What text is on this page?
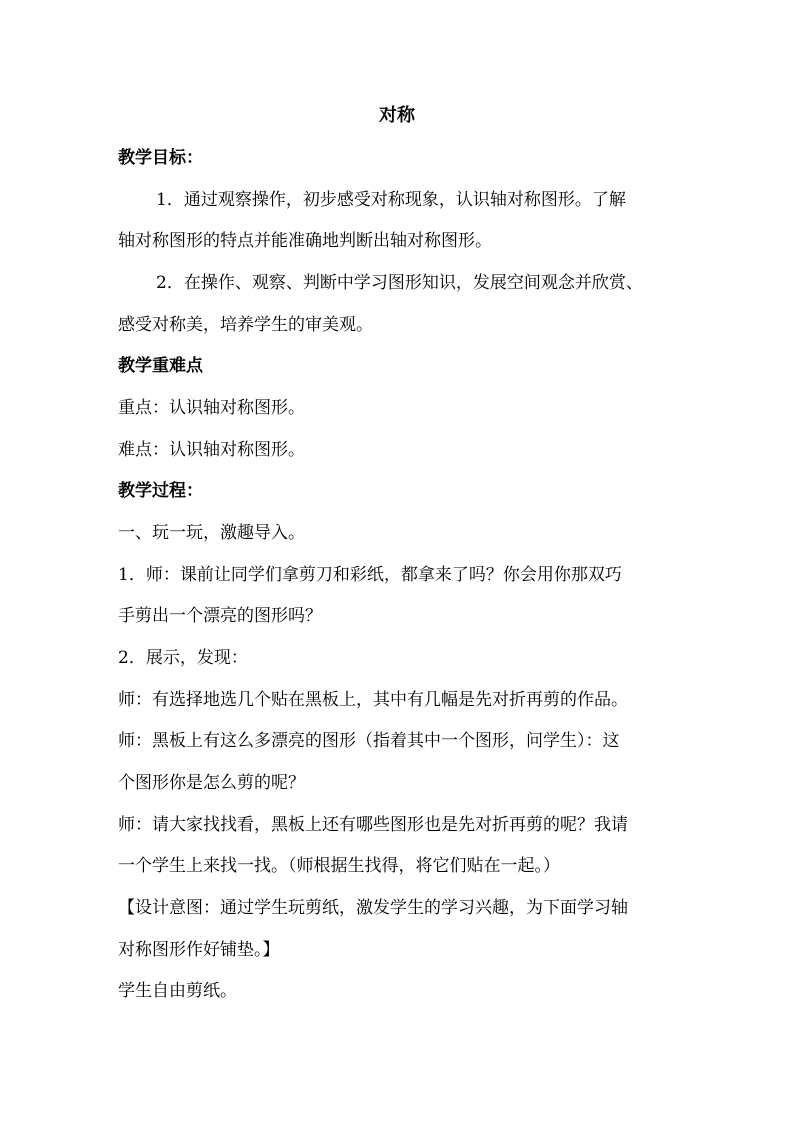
对称
教学目标：
1．通过观察操作，初步感受对称现象，认识轴对称图形。了解
轴对称图形的特点并能准确地判断出轴对称图形。
2．在操作、观察、判断中学习图形知识，发展空间观念并欣赏、
感受对称美，培养学生的审美观。
教学重难点
重点：认识轴对称图形。
难点：认识轴对称图形。
教学过程：
一、玩一玩，激趣导入。
1．师：课前让同学们拿剪刀和彩纸，都拿来了吗？你会用你那双巧
手剪出一个漂亮的图形吗？
2．展示，发现：
师：有选择地选几个贴在黑板上，其中有几幅是先对折再剪的作品。
师：黑板上有这么多漂亮的图形（指着其中一个图形，问学生）：这
个图形你是怎么剪的呢？
师：请大家找找看，黑板上还有哪些图形也是先对折再剪的呢？我请
一个学生上来找一找。（师根据生找得，将它们贴在一起。）
【设计意图：通过学生玩剪纸，激发学生的学习兴趣，为下面学习轴
对称图形作好铺垫。】
学生自由剪纸。
